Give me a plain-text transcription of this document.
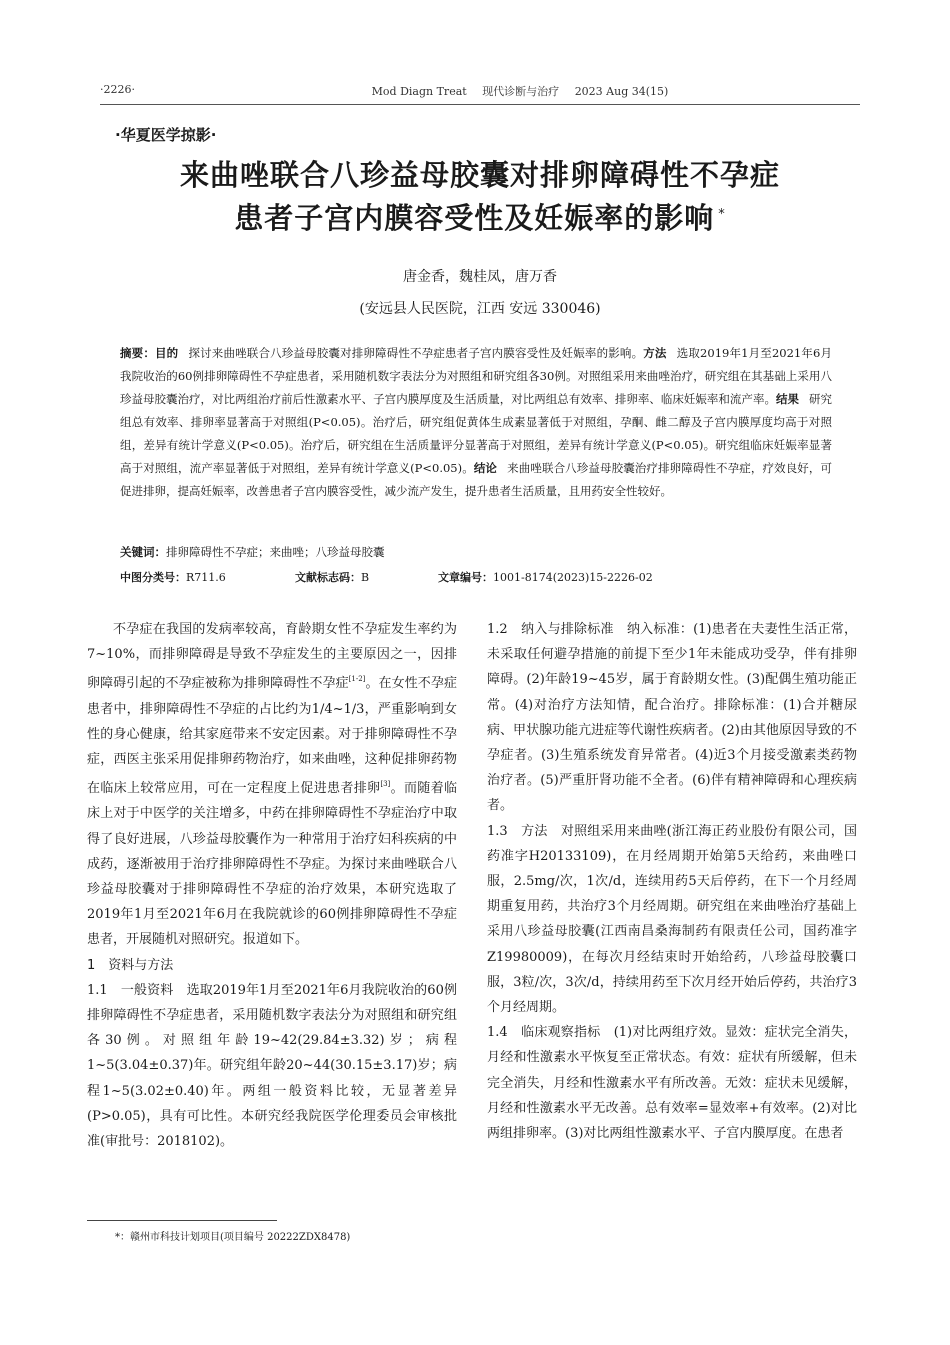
·2226·	Mod Diagn Treat 现代诊断与治疗 2023 Aug 34(15)
·华夏医学掠影·
来曲唑联合八珍益母胶囊对排卵障碍性不孕症
患者子宫内膜容受性及妊娠率的影响 *
唐金香，魏桂凤，唐万香
(安远县人民医院，江西 安远 330046)
摘要：目的 探讨来曲唑联合八珍益母胶囊对排卵障碍性不孕症患者子宫内膜容受性及妊娠率的影响。方法 选取2019年1月至2021年6月我院收治的60例排卵障碍性不孕症患者，采用随机数字表法分为对照组和研究组各30例。对照组采用来曲唑治疗，研究组在其基础上采用八珍益母胶囊治疗，对比两组治疗前后性激素水平、子宫内膜厚度及生活质量，对比两组总有效率、排卵率、临床妊娠率和流产率。结果 研究组总有效率、排卵率显著高于对照组(P<0.05)。治疗后，研究组促黄体生成素显著低于对照组，孕酮、雌二醇及子宫内膜厚度均高于对照组，差异有统计学意义(P<0.05)。治疗后，研究组在生活质量评分显著高于对照组，差异有统计学意义(P<0.05)。研究组临床妊娠率显著高于对照组，流产率显著低于对照组，差异有统计学意义(P<0.05)。结论 来曲唑联合八珍益母胶囊治疗排卵障碍性不孕症，疗效良好，可促进排卵，提高妊娠率，改善患者子宫内膜容受性，减少流产发生，提升患者生活质量，且用药安全性较好。
关键词：排卵障碍性不孕症；来曲唑；八珍益母胶囊
中图分类号：R711.6	文献标志码：B	文章编号：1001-8174(2023)15-2226-02

不孕症在我国的发病率较高，育龄期女性不孕症发生率约为7~10%，而排卵障碍是导致不孕症发生的主要原因之一，因排卵障碍引起的不孕症被称为排卵障碍性不孕症[1-2]。在女性不孕症患者中，排卵障碍性不孕症的占比约为1/4~1/3，严重影响到女性的身心健康，给其家庭带来不安定因素。对于排卵障碍性不孕症，西医主张采用促排卵药物治疗，如来曲唑，这种促排卵药物在临床上较常应用，可在一定程度上促进患者排卵[3]。而随着临床上对于中医学的关注增多，中药在排卵障碍性不孕症治疗中取得了良好进展，八珍益母胶囊作为一种常用于治疗妇科疾病的中成药，逐渐被用于治疗排卵障碍性不孕症。为探讨来曲唑联合八珍益母胶囊对于排卵障碍性不孕症的治疗效果，本研究选取了2019年1月至2021年6月在我院就诊的60例排卵障碍性不孕症患者，开展随机对照研究。报道如下。

1　资料与方法

1.1　一般资料　 选取2019年1月至2021年6月我院收治的60例排卵障碍性不孕症患者，采用随机数字表法分为对照组和研究组各30例。对照组年龄19~42(29.84±3.32)岁；病程1~5(3.04±0.37)年。研究组年龄20~44(30.15±3.17)岁；病程1~5(3.02±0.40)年。两组一般资料比较，无显著差异(P>0.05)，具有可比性。本研究经我院医学伦理委员会审核批准(审批号：2018102)。

1.2　纳入与排除标准　 纳入标准：(1)患者在夫妻性生活正常，未采取任何避孕措施的前提下至少1年未能成功受孕，伴有排卵障碍。(2)年龄19~45岁，属于育龄期女性。(3)配偶生殖功能正常。(4)对治疗方法知情，配合治疗。排除标准：(1)合并糖尿病、甲状腺功能亢进症等代谢性疾病者。(2)由其他原因导致的不孕症者。(3)生殖系统发育异常者。(4)近3个月接受激素类药物治疗者。(5)严重肝肾功能不全者。(6)伴有精神障碍和心理疾病者。

1.3　方法　 对照组采用来曲唑(浙江海正药业股份有限公司，国药准字H20133109)，在月经周期开始第5天给药，来曲唑口服，2.5mg/次，1次/d，连续用药5天后停药，在下一个月经周期重复用药，共治疗3个月经周期。研究组在来曲唑治疗基础上采用八珍益母胶囊(江西南昌桑海制药有限责任公司，国药准字Z19980009)，在每次月经结束时开始给药，八珍益母胶囊口服，3粒/次，3次/d，持续用药至下次月经开始后停药，共治疗3个月经周期。

1.4　临床观察指标　 (1)对比两组疗效。显效：症状完全消失，月经和性激素水平恢复至正常状态。有效：症状有所缓解，但未完全消失，月经和性激素水平有所改善。无效：症状未见缓解，月经和性激素水平无改善。总有效率=显效率+有效率。(2)对比两组排卵率。(3)对比两组性激素水平、子宫内膜厚度。在患者

*：赣州市科技计划项目(项目编号 20222ZDX8478)
